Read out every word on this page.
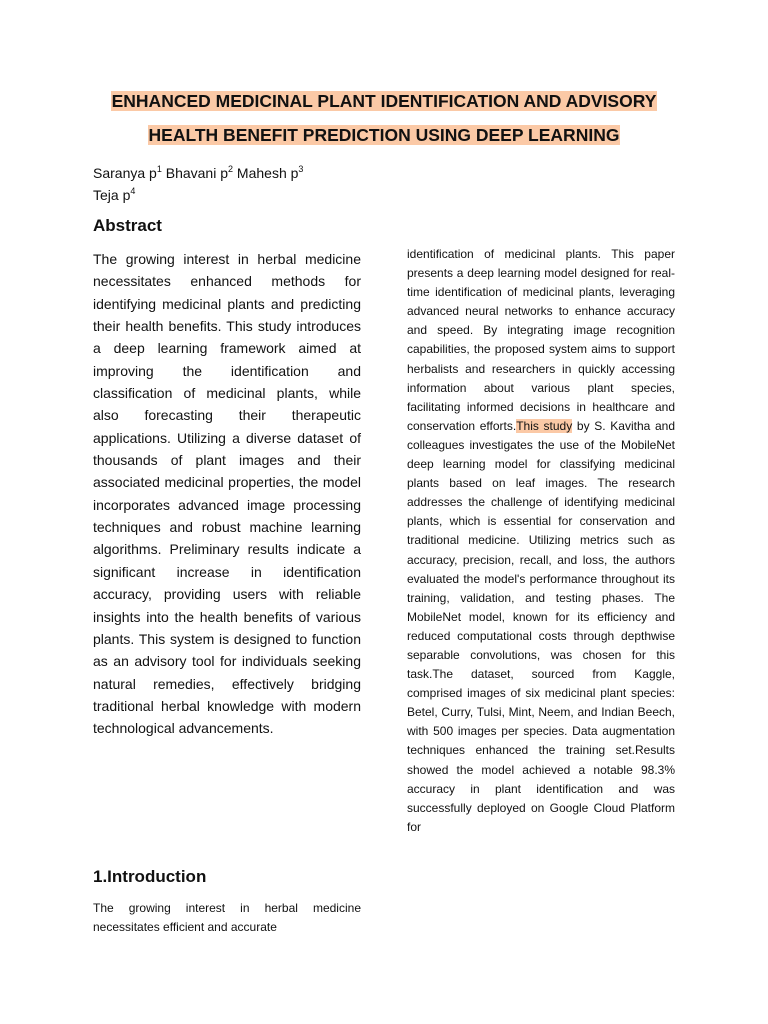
ENHANCED MEDICINAL PLANT IDENTIFICATION AND ADVISORY
HEALTH BENEFIT PREDICTION USING DEEP LEARNING
Saranya $p^1$ Bhavani $p^2$ Mahesh $p^3$
Teja $p^4$
Abstract

The growing interest in herbal medicine necessitates enhanced methods for identifying medicinal plants and predicting their health benefits. This study introduces a deep learning framework aimed at improving the identification and classification of medicinal plants, while also forecasting their therapeutic applications. Utilizing a diverse dataset of thousands of plant images and their associated medicinal properties, the model incorporates advanced image processing techniques and robust machine learning algorithms. Preliminary results indicate a significant increase in identification accuracy, providing users with reliable insights into the health benefits of various plants. This system is designed to function as an advisory tool for individuals seeking natural remedies, effectively bridging traditional herbal knowledge with modern technological advancements.

1.Introduction

The growing interest in herbal medicine necessitates efficient and accurate

identification of medicinal plants. This paper presents a deep learning model designed for real-time identification of medicinal plants, leveraging advanced neural networks to enhance accuracy and speed. By integrating image recognition capabilities, the proposed system aims to support herbalists and researchers in quickly accessing information about various plant species, facilitating informed decisions in healthcare and conservation efforts.This study by S. Kavitha and colleagues investigates the use of the MobileNet deep learning model for classifying medicinal plants based on leaf images. The research addresses the challenge of identifying medicinal plants, which is essential for conservation and traditional medicine. Utilizing metrics such as accuracy, precision, recall, and loss, the authors evaluated the model's performance throughout its training, validation, and testing phases. The MobileNet model, known for its efficiency and reduced computational costs through depthwise separable convolutions, was chosen for this task.The dataset, sourced from Kaggle, comprised images of six medicinal plant species: Betel, Curry, Tulsi, Mint, Neem, and Indian Beech, with 500 images per species. Data augmentation techniques enhanced the training set.Results showed the model achieved a notable 98.3% accuracy in plant identification and was successfully deployed on Google Cloud Platform for
